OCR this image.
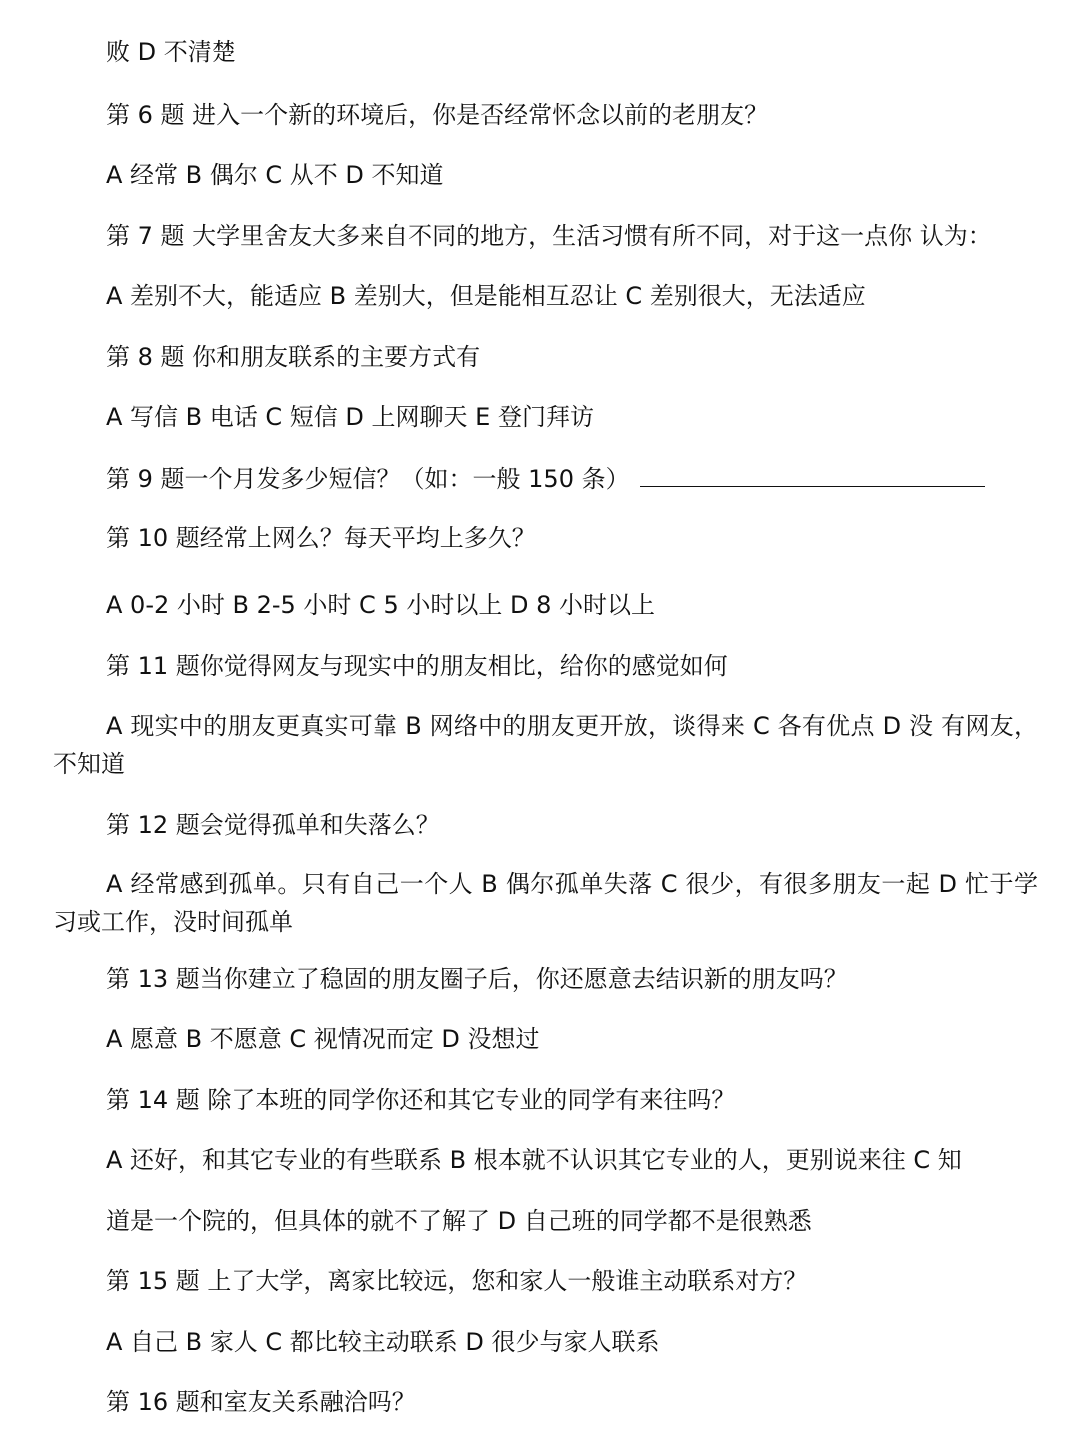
败 D 不清楚
第 6 题 进入一个新的环境后，你是否经常怀念以前的老朋友？
A 经常 B 偶尔 C 从不 D 不知道
第 7 题 大学里舍友大多来自不同的地方，生活习惯有所不同，对于这一点你 认为：
A 差别不大，能适应 B 差别大，但是能相互忍让 C 差别很大，无法适应
第 8 题 你和朋友联系的主要方式有
A 写信 B 电话 C 短信 D 上网聊天 E 登门拜访
第 9 题一个月发多少短信？（如：一般 150 条）
第 10 题经常上网么？每天平均上多久？
A 0-2 小时 B 2-5 小时 C 5 小时以上 D 8 小时以上
第 11 题你觉得网友与现实中的朋友相比，给你的感觉如何
A 现实中的朋友更真实可靠 B 网络中的朋友更开放，谈得来 C 各有优点 D 没 有网友，不知道
第 12 题会觉得孤单和失落么？
A 经常感到孤单。只有自己一个人 B 偶尔孤单失落 C 很少，有很多朋友一起 D 忙于学习或工作，没时间孤单
第 13 题当你建立了稳固的朋友圈子后，你还愿意去结识新的朋友吗？
A 愿意 B 不愿意 C 视情况而定 D 没想过
第 14 题 除了本班的同学你还和其它专业的同学有来往吗？
A 还好，和其它专业的有些联系 B 根本就不认识其它专业的人，更别说来往 C 知
道是一个院的，但具体的就不了解了 D 自己班的同学都不是很熟悉
第 15 题 上了大学，离家比较远，您和家人一般谁主动联系对方？
A 自己 B 家人 C 都比较主动联系 D 很少与家人联系
第 16 题和室友关系融洽吗？
